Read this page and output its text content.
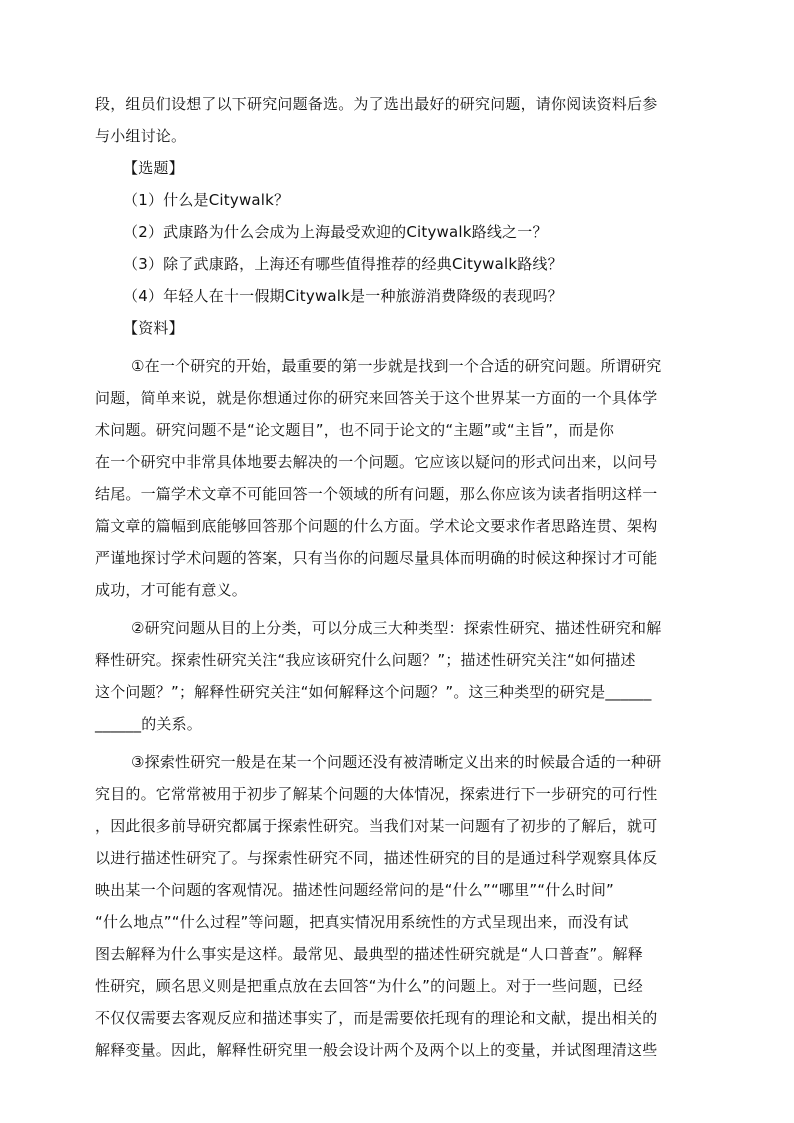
段，组员们设想了以下研究问题备选。为了选出最好的研究问题，请你阅读资料后参
与小组讨论。
【选题】
（1）什么是Citywalk？
（2）武康路为什么会成为上海最受欢迎的Citywalk路线之一？
（3）除了武康路，上海还有哪些值得推荐的经典Citywalk路线？
（4）年轻人在十一假期Citywalk是一种旅游消费降级的表现吗？
【资料】
①在一个研究的开始，最重要的第一步就是找到一个合适的研究问题。所谓研究
问题，简单来说，就是你想通过你的研究来回答关于这个世界某一方面的一个具体学
术问题。研究问题不是“论文题目”，也不同于论文的“主题”或“主旨”，而是你
在一个研究中非常具体地要去解决的一个问题。它应该以疑问的形式问出来，以问号
结尾。一篇学术文章不可能回答一个领域的所有问题，那么你应该为读者指明这样一
篇文章的篇幅到底能够回答那个问题的什么方面。学术论文要求作者思路连贯、架构
严谨地探讨学术问题的答案，只有当你的问题尽量具体而明确的时候这种探讨才可能
成功，才可能有意义。
②研究问题从目的上分类，可以分成三大种类型：探索性研究、描述性研究和解
释性研究。探索性研究关注“我应该研究什么问题？”；描述性研究关注“如何描述
这个问题？”；解释性研究关注“如何解释这个问题？”。这三种类型的研究是______
______的关系。
③探索性研究一般是在某一个问题还没有被清晰定义出来的时候最合适的一种研
究目的。它常常被用于初步了解某个问题的大体情况，探索进行下一步研究的可行性
，因此很多前导研究都属于探索性研究。当我们对某一问题有了初步的了解后，就可
以进行描述性研究了。与探索性研究不同，描述性研究的目的是通过科学观察具体反
映出某一个问题的客观情况。描述性问题经常问的是“什么”“哪里”“什么时间”
“什么地点”“什么过程”等问题，把真实情况用系统性的方式呈现出来，而没有试
图去解释为什么事实是这样。最常见、最典型的描述性研究就是“人口普查”。解释
性研究，顾名思义则是把重点放在去回答“为什么”的问题上。对于一些问题，已经
不仅仅需要去客观反应和描述事实了，而是需要依托现有的理论和文献，提出相关的
解释变量。因此，解释性研究里一般会设计两个及两个以上的变量，并试图理清这些
